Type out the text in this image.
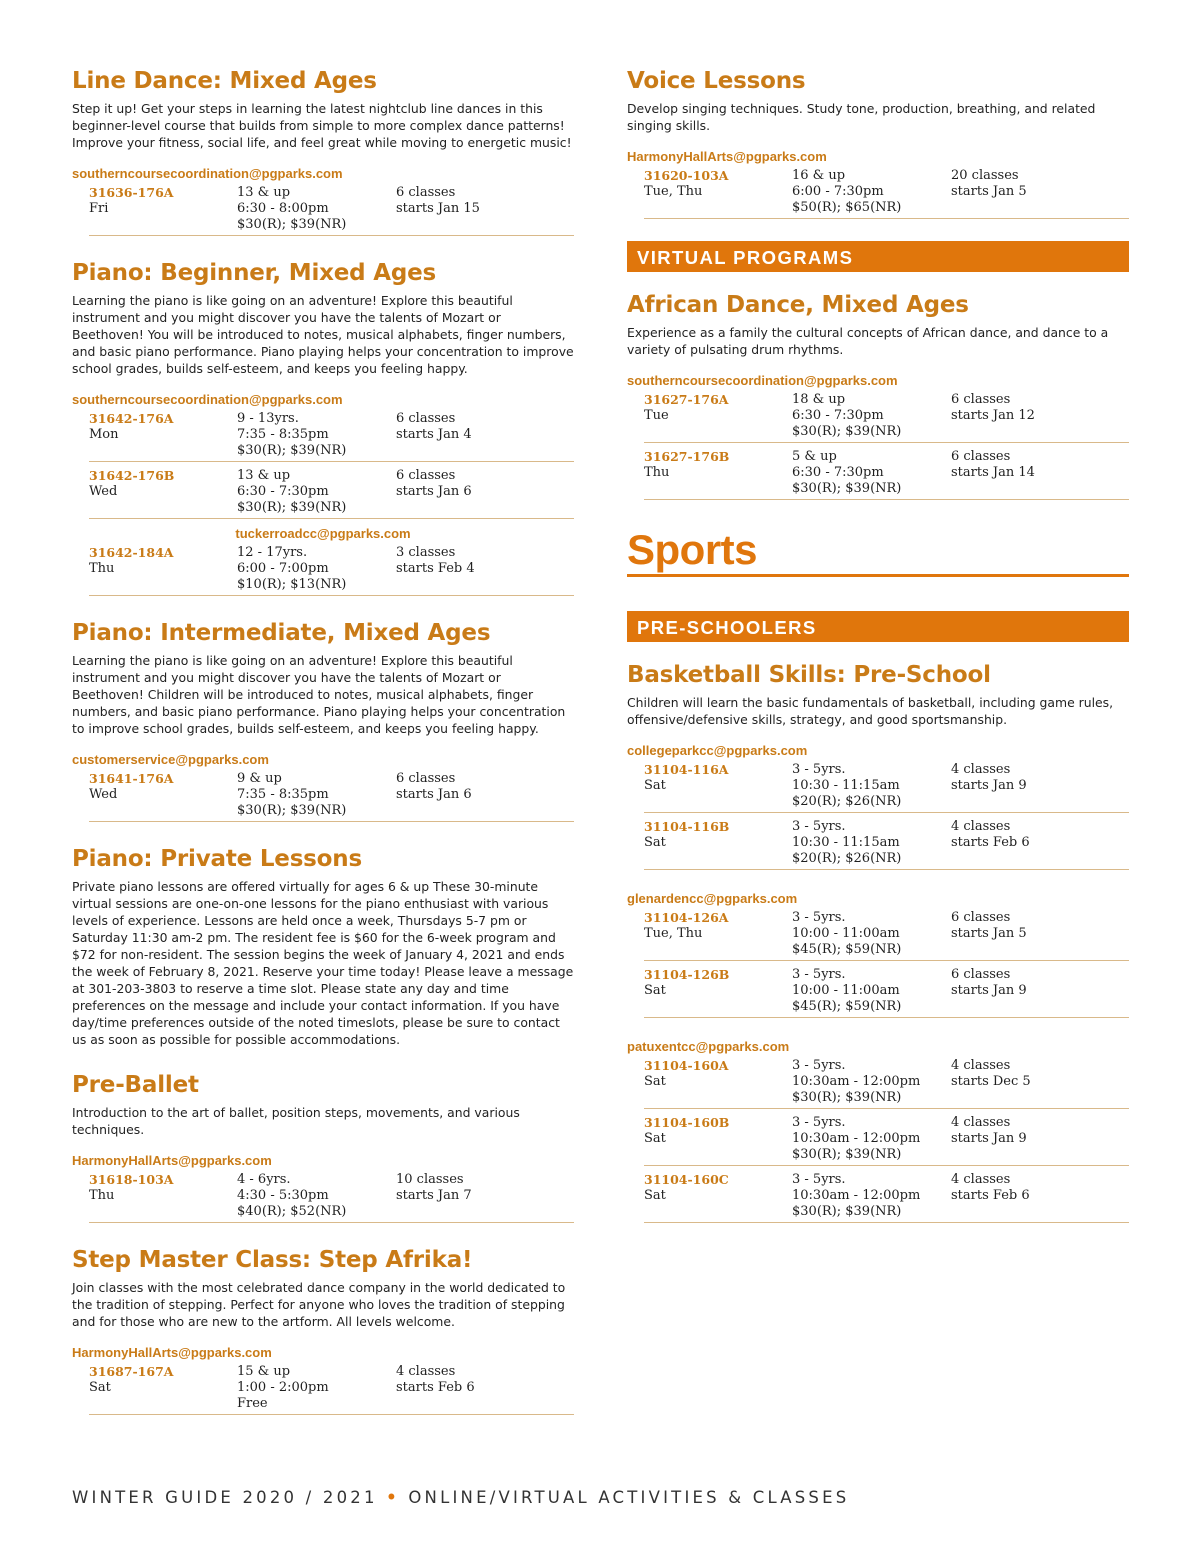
Line Dance: Mixed Ages

Step it up! Get your steps in learning the latest nightclub line dances in this beginner-level course that builds from simple to more complex dance patterns! Improve your fitness, social life, and feel great while moving to energetic music!

southerncoursecoordination@pgparks.com
31636-176A
Fri
13 & up
6:30 - 8:00pm
$30(R); $39(NR)
6 classes
starts Jan 15
Piano: Beginner, Mixed Ages

Learning the piano is like going on an adventure! Explore this beautiful instrument and you might discover you have the talents of Mozart or Beethoven! You will be introduced to notes, musical alphabets, finger numbers, and basic piano performance. Piano playing helps your concentration to improve school grades, builds self-esteem, and keeps you feeling happy.

southerncoursecoordination@pgparks.com
31642-176A
Mon
9 - 13yrs.
7:35 - 8:35pm
$30(R); $39(NR)
6 classes
starts Jan 4
31642-176B
Wed
13 & up
6:30 - 7:30pm
$30(R); $39(NR)
6 classes
starts Jan 6

tuckerroadcc@pgparks.com

31642-184A
Thu
12 - 17yrs.
6:00 - 7:00pm
$10(R); $13(NR)
3 classes
starts Feb 4
Piano: Intermediate, Mixed Ages

Learning the piano is like going on an adventure! Explore this beautiful instrument and you might discover you have the talents of Mozart or Beethoven! Children will be introduced to notes, musical alphabets, finger numbers, and basic piano performance. Piano playing helps your concentration to improve school grades, builds self-esteem, and keeps you feeling happy.

customerservice@pgparks.com
31641-176A
Wed
9 & up
7:35 - 8:35pm
$30(R); $39(NR)
6 classes
starts Jan 6
Piano: Private Lessons

Private piano lessons are offered virtually for ages 6 & up These 30-minute virtual sessions are one-on-one lessons for the piano enthusiast with various levels of experience. Lessons are held once a week, Thursdays 5-7 pm or Saturday 11:30 am-2 pm. The resident fee is $60 for the 6-week program and $72 for non-resident. The session begins the week of January 4, 2021 and ends the week of February 8, 2021. Reserve your time today! Please leave a message at 301-203-3803 to reserve a time slot. Please state any day and time preferences on the message and include your contact information. If you have day/time preferences outside of the noted timeslots, please be sure to contact us as soon as possible for possible accommodations.

Pre-Ballet

Introduction to the art of ballet, position steps, movements, and various techniques.

HarmonyHallArts@pgparks.com
31618-103A
Thu
4 - 6yrs.
4:30 - 5:30pm
$40(R); $52(NR)
10 classes
starts Jan 7
Step Master Class: Step Afrika!

Join classes with the most celebrated dance company in the world dedicated to the tradition of stepping. Perfect for anyone who loves the tradition of stepping and for those who are new to the artform. All levels welcome.

HarmonyHallArts@pgparks.com
31687-167A
Sat
15 & up
1:00 - 2:00pm
Free
4 classes
starts Feb 6
Voice Lessons

Develop singing techniques. Study tone, production, breathing, and related singing skills.

HarmonyHallArts@pgparks.com
31620-103A
Tue, Thu
16 & up
6:00 - 7:30pm
$50(R); $65(NR)
20 classes
starts Jan 5
VIRTUAL PROGRAMS
African Dance, Mixed Ages

Experience as a family the cultural concepts of African dance, and dance to a variety of pulsating drum rhythms.

southerncoursecoordination@pgparks.com
31627-176A
Tue
18 & up
6:30 - 7:30pm
$30(R); $39(NR)
6 classes
starts Jan 12
31627-176B
Thu
5 & up
6:30 - 7:30pm
$30(R); $39(NR)
6 classes
starts Jan 14
Sports
PRE-SCHOOLERS
Basketball Skills: Pre-School

Children will learn the basic fundamentals of basketball, including game rules, offensive/defensive skills, strategy, and good sportsmanship.

collegeparkcc@pgparks.com
31104-116A
Sat
3 - 5yrs.
10:30 - 11:15am
$20(R); $26(NR)
4 classes
starts Jan 9
31104-116B
Sat
3 - 5yrs.
10:30 - 11:15am
$20(R); $26(NR)
4 classes
starts Feb 6
glenardencc@pgparks.com
31104-126A
Tue, Thu
3 - 5yrs.
10:00 - 11:00am
$45(R); $59(NR)
6 classes
starts Jan 5
31104-126B
Sat
3 - 5yrs.
10:00 - 11:00am
$45(R); $59(NR)
6 classes
starts Jan 9
patuxentcc@pgparks.com
31104-160A
Sat
3 - 5yrs.
10:30am - 12:00pm
$30(R); $39(NR)
4 classes
starts Dec 5
31104-160B
Sat
3 - 5yrs.
10:30am - 12:00pm
$30(R); $39(NR)
4 classes
starts Jan 9
31104-160C
Sat
3 - 5yrs.
10:30am - 12:00pm
$30(R); $39(NR)
4 classes
starts Feb 6
WINTER GUIDE 2020 / 2021 • ONLINE/VIRTUAL ACTIVITIES & CLASSES
